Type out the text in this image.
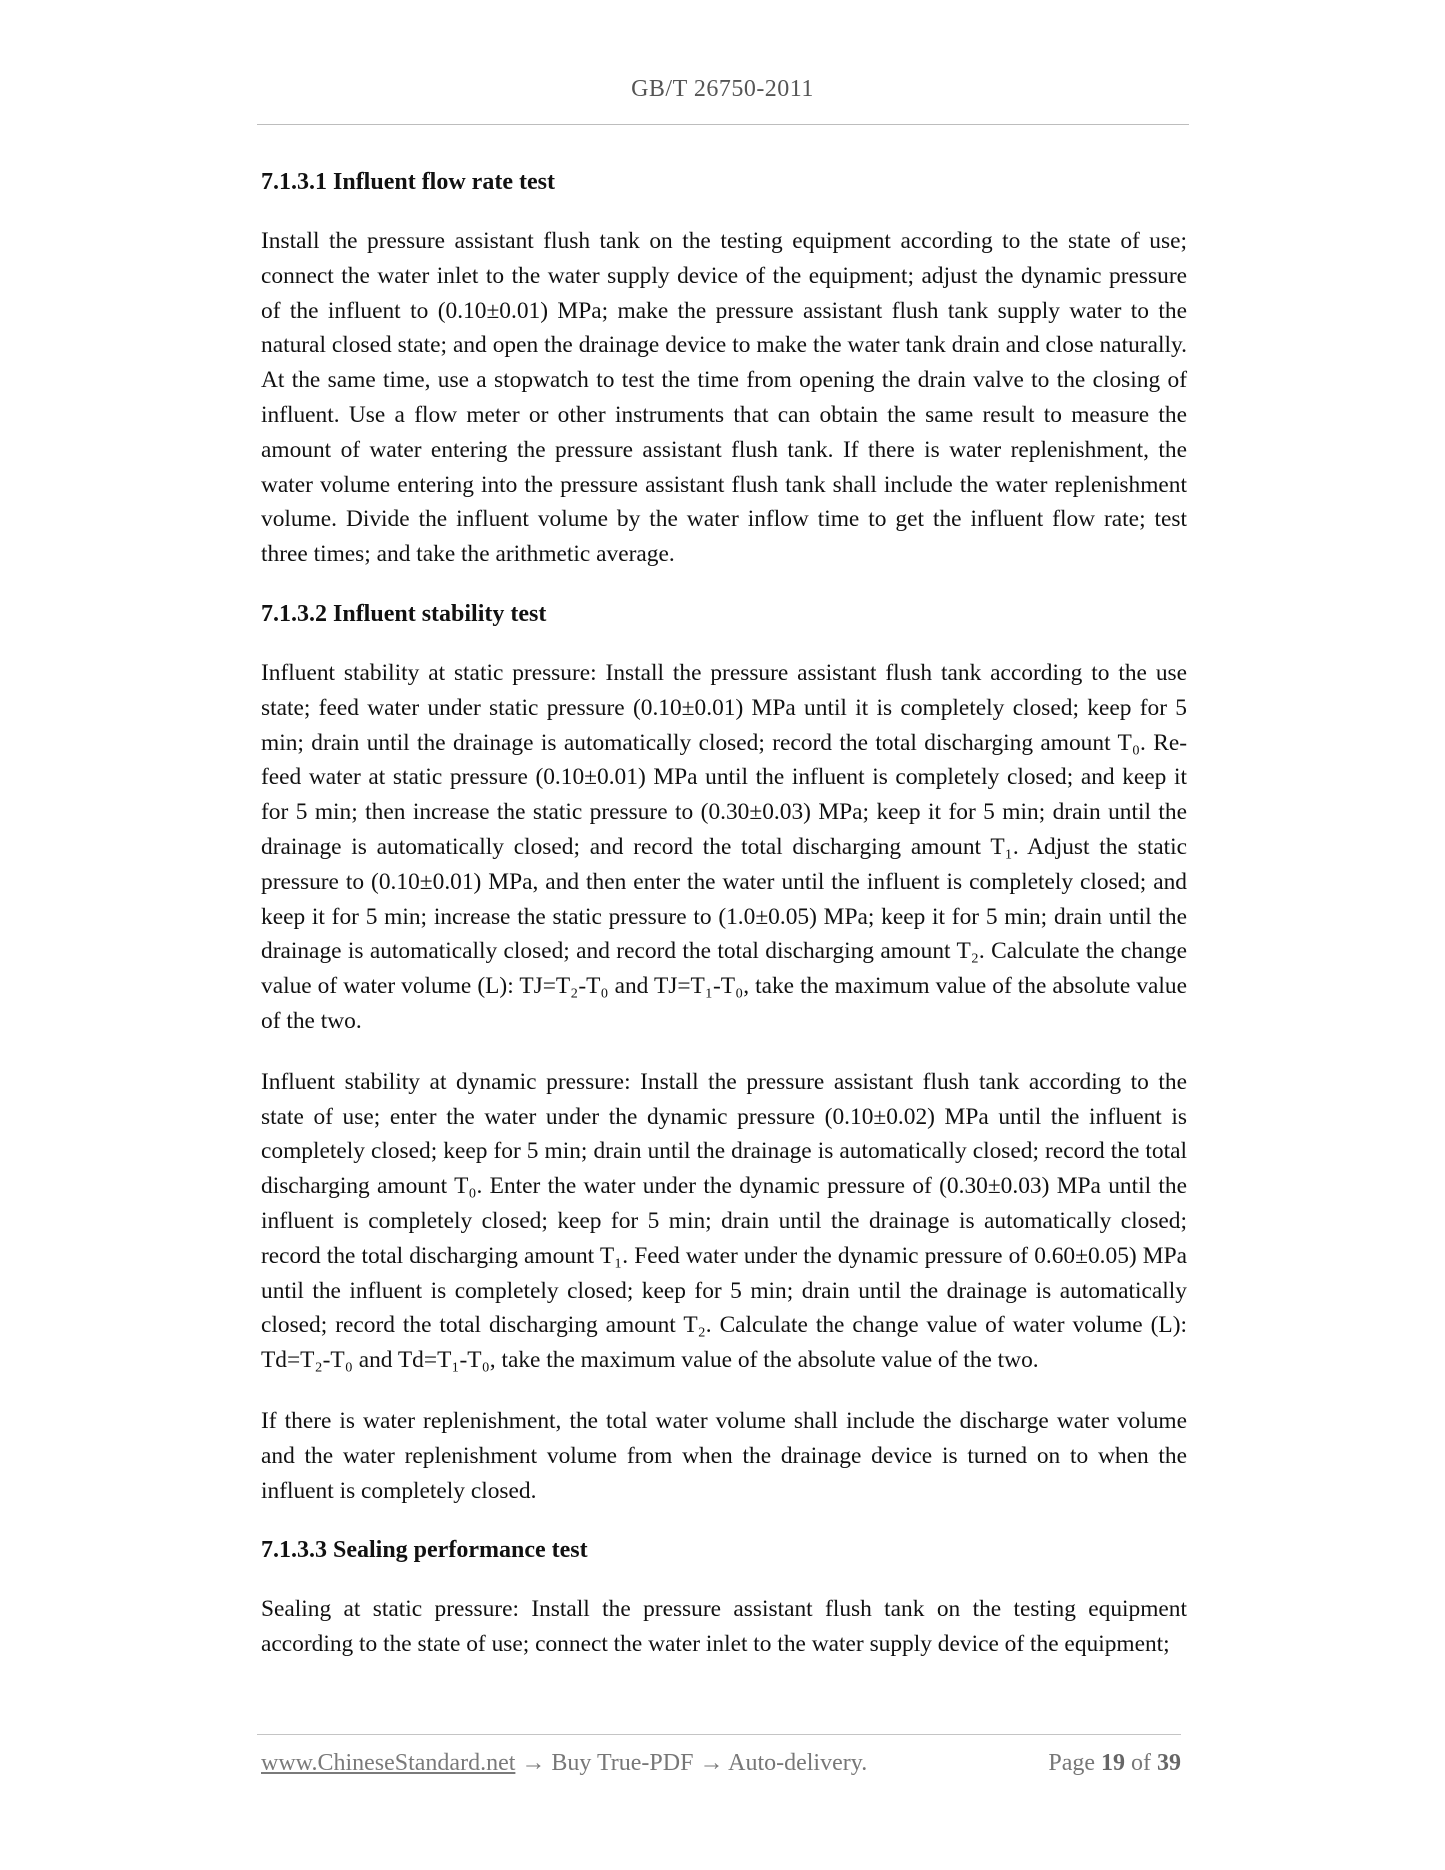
GB/T 26750-2011
7.1.3.1 Influent flow rate test

Install the pressure assistant flush tank on the testing equipment according to the state of use; connect the water inlet to the water supply device of the equipment; adjust the dynamic pressure of the influent to (0.10±0.01) MPa; make the pressure assistant flush tank supply water to the natural closed state; and open the drainage device to make the water tank drain and close naturally. At the same time, use a stopwatch to test the time from opening the drain valve to the closing of influent. Use a flow meter or other instruments that can obtain the same result to measure the amount of water entering the pressure assistant flush tank. If there is water replenishment, the water volume entering into the pressure assistant flush tank shall include the water replenishment volume. Divide the influent volume by the water inflow time to get the influent flow rate; test three times; and take the arithmetic average.

7.1.3.2 Influent stability test

Influent stability at static pressure: Install the pressure assistant flush tank according to the use state; feed water under static pressure (0.10±0.01) MPa until it is completely closed; keep for 5 min; drain until the drainage is automatically closed; record the total discharging amount T₀. Re-feed water at static pressure (0.10±0.01) MPa until the influent is completely closed; and keep it for 5 min; then increase the static pressure to (0.30±0.03) MPa; keep it for 5 min; drain until the drainage is automatically closed; and record the total discharging amount T₁. Adjust the static pressure to (0.10±0.01) MPa, and then enter the water until the influent is completely closed; and keep it for 5 min; increase the static pressure to (1.0±0.05) MPa; keep it for 5 min; drain until the drainage is automatically closed; and record the total discharging amount T₂. Calculate the change value of water volume (L): TJ=T₂-T₀ and TJ=T₁-T₀, take the maximum value of the absolute value of the two.

Influent stability at dynamic pressure: Install the pressure assistant flush tank according to the state of use; enter the water under the dynamic pressure (0.10±0.02) MPa until the influent is completely closed; keep for 5 min; drain until the drainage is automatically closed; record the total discharging amount T₀. Enter the water under the dynamic pressure of (0.30±0.03) MPa until the influent is completely closed; keep for 5 min; drain until the drainage is automatically closed; record the total discharging amount T₁. Feed water under the dynamic pressure of 0.60±0.05) MPa until the influent is completely closed; keep for 5 min; drain until the drainage is automatically closed; record the total discharging amount T₂. Calculate the change value of water volume (L): Td=T₂-T₀ and Td=T₁-T₀, take the maximum value of the absolute value of the two.

If there is water replenishment, the total water volume shall include the discharge water volume and the water replenishment volume from when the drainage device is turned on to when the influent is completely closed.

7.1.3.3 Sealing performance test

Sealing at static pressure: Install the pressure assistant flush tank on the testing equipment according to the state of use; connect the water inlet to the water supply device of the equipment;

www.ChineseStandard.net → Buy True-PDF → Auto-delivery.	Page 19 of 39
